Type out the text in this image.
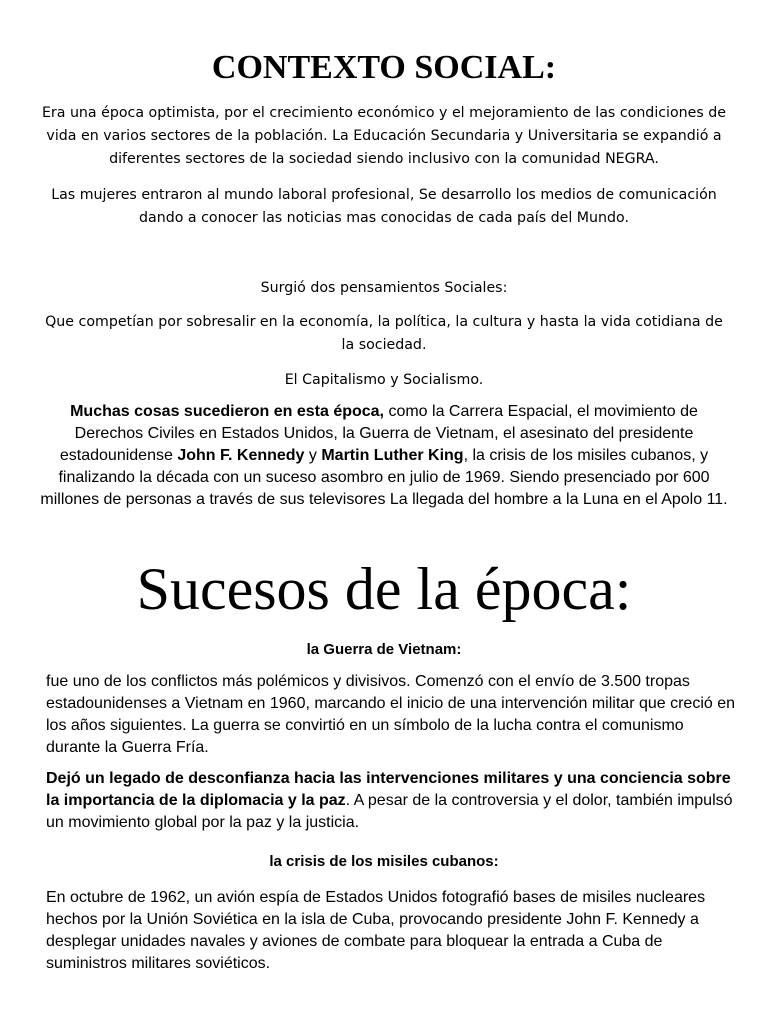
CONTEXTO SOCIAL:

Era una época optimista, por el crecimiento económico y el mejoramiento de las condiciones de vida en varios sectores de la población. La Educación Secundaria y Universitaria se expandió a diferentes sectores de la sociedad siendo inclusivo con la comunidad NEGRA.

Las mujeres entraron al mundo laboral profesional, Se desarrollo los medios de comunicación dando a conocer las noticias mas conocidas de cada país del Mundo.

Surgió dos pensamientos Sociales:

Que competían por sobresalir en la economía, la política, la cultura y hasta la vida cotidiana de la sociedad.

El Capitalismo y Socialismo.

Muchas cosas sucedieron en esta época, como la Carrera Espacial, el movimiento de Derechos Civiles en Estados Unidos, la Guerra de Vietnam, el asesinato del presidente estadounidense John F. Kennedy y Martin Luther King, la crisis de los misiles cubanos, y finalizando la década con un suceso asombro en julio de 1969. Siendo presenciado por 600 millones de personas a través de sus televisores La llegada del hombre a la Luna en el Apolo 11.

Sucesos de la época:

la Guerra de Vietnam:

fue uno de los conflictos más polémicos y divisivos. Comenzó con el envío de 3.500 tropas estadounidenses a Vietnam en 1960, marcando el inicio de una intervención militar que creció en los años siguientes. La guerra se convirtió en un símbolo de la lucha contra el comunismo durante la Guerra Fría.

Dejó un legado de desconfianza hacia las intervenciones militares y una conciencia sobre la importancia de la diplomacia y la paz. A pesar de la controversia y el dolor, también impulsó un movimiento global por la paz y la justicia.

la crisis de los misiles cubanos:

En octubre de 1962, un avión espía de Estados Unidos fotografió bases de misiles nucleares hechos por la Unión Soviética en la isla de Cuba, provocando presidente John F. Kennedy a desplegar unidades navales y aviones de combate para bloquear la entrada a Cuba de suministros militares soviéticos.
